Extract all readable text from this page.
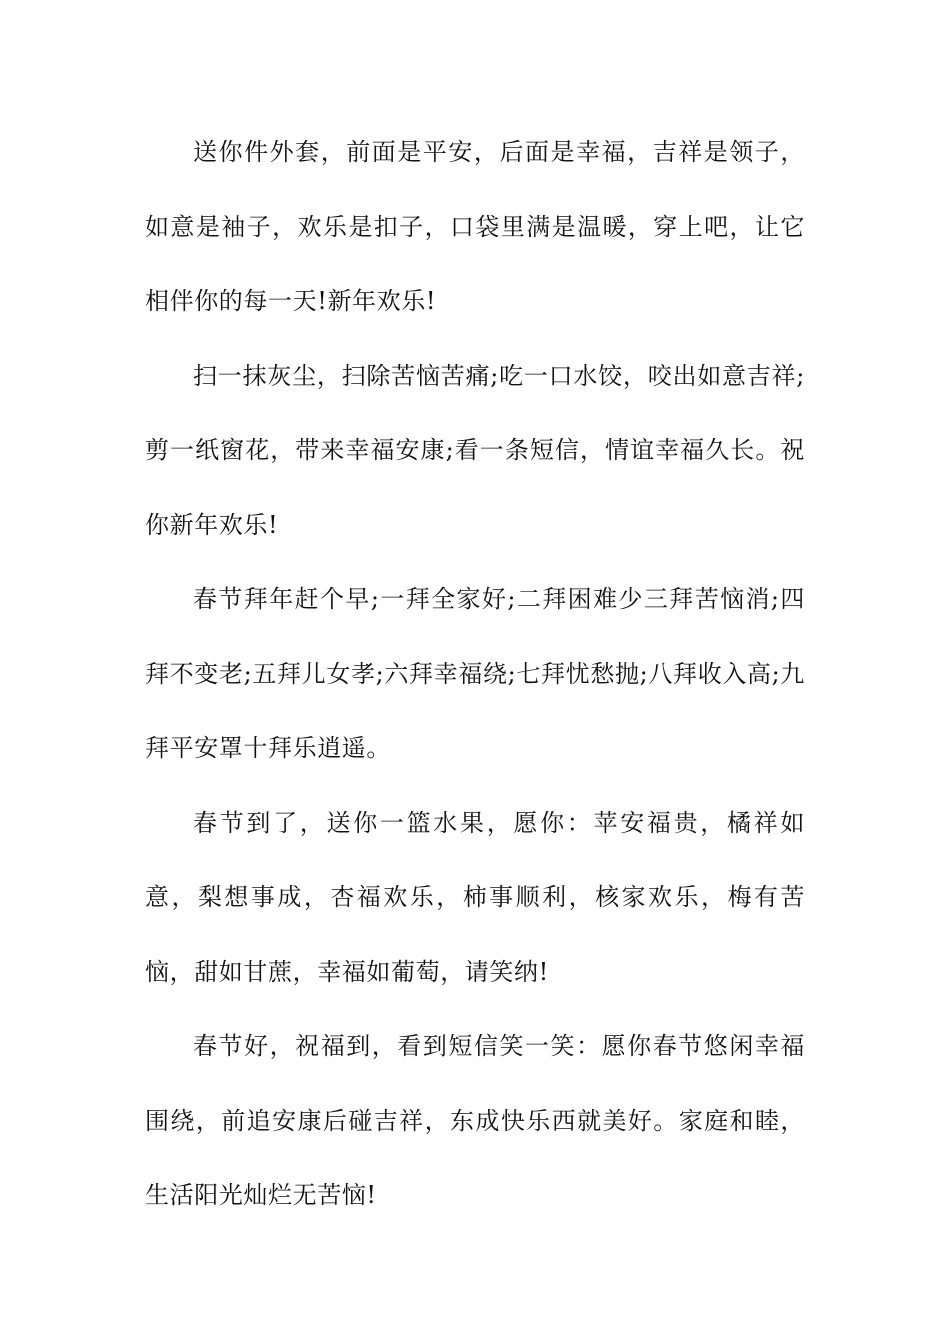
送你件外套，前面是平安，后面是幸福，吉祥是领子，如意是袖子，欢乐是扣子，口袋里满是温暖，穿上吧，让它相伴你的每一天!新年欢乐!

扫一抹灰尘，扫除苦恼苦痛;吃一口水饺，咬出如意吉祥;剪一纸窗花，带来幸福安康;看一条短信，情谊幸福久长。祝你新年欢乐!

春节拜年赶个早;一拜全家好;二拜困难少三拜苦恼消;四拜不变老;五拜儿女孝;六拜幸福绕;七拜忧愁抛;八拜收入高;九拜平安罩十拜乐逍遥。

春节到了，送你一篮水果，愿你：苹安福贵，橘祥如意，梨想事成，杏福欢乐，柿事顺利，核家欢乐，梅有苦恼，甜如甘蔗，幸福如葡萄，请笑纳!

春节好，祝福到，看到短信笑一笑：愿你春节悠闲幸福围绕，前追安康后碰吉祥，东成快乐西就美好。家庭和睦，生活阳光灿烂无苦恼!
